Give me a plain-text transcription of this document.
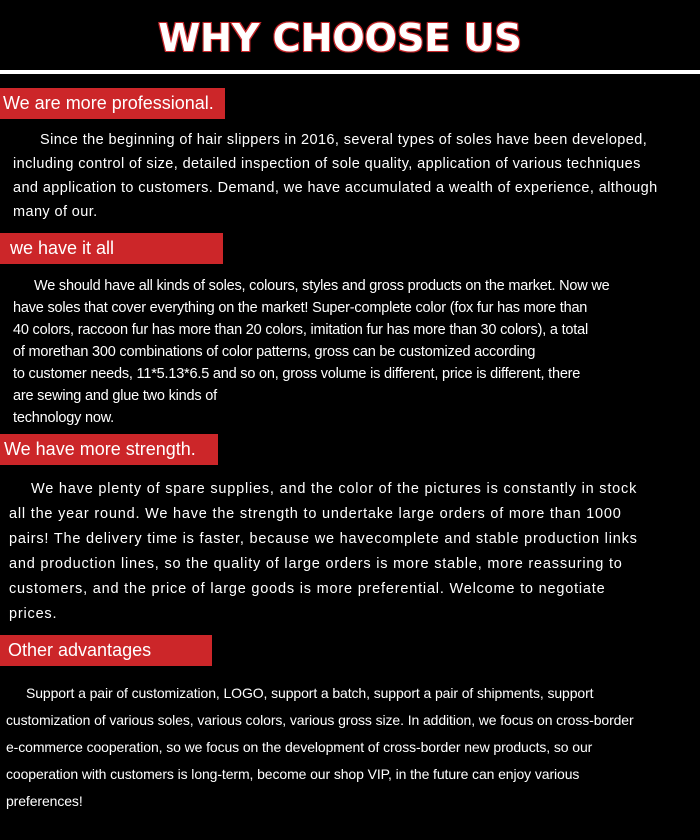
WHY CHOOSE US
We are more professional.
Since the beginning of hair slippers in 2016, several types of soles have been developed,
including control of size, detailed inspection of sole quality, application of various techniques
and application to customers. Demand, we have accumulated a wealth of experience, although
many of our.
we have it all
We should have all kinds of soles, colours, styles and gross products on the market. Now we
have soles that cover everything on the market! Super-complete color (fox fur has more than
40 colors, raccoon fur has more than 20 colors, imitation fur has more than 30 colors), a total
of morethan 300 combinations of color patterns, gross can be customized according
to customer needs, 11*5.13*6.5 and so on, gross volume is different, price is different, there
are sewing and glue two kinds of
technology now.
We have more strength.
We have plenty of spare supplies, and the color of the pictures is constantly in stock
all the year round. We have the strength to undertake large orders of more than 1000
pairs! The delivery time is faster, because we havecomplete and stable production links
and production lines, so the quality of large orders is more stable, more reassuring to
customers, and the price of large goods is more preferential. Welcome to negotiate
prices.
Other advantages
Support a pair of customization, LOGO, support a batch, support a pair of shipments, support
customization of various soles, various colors, various gross size. In addition, we focus on cross-border
e-commerce cooperation, so we focus on the development of cross-border new products, so our
cooperation with customers is long-term, become our shop VIP, in the future can enjoy various
preferences!
